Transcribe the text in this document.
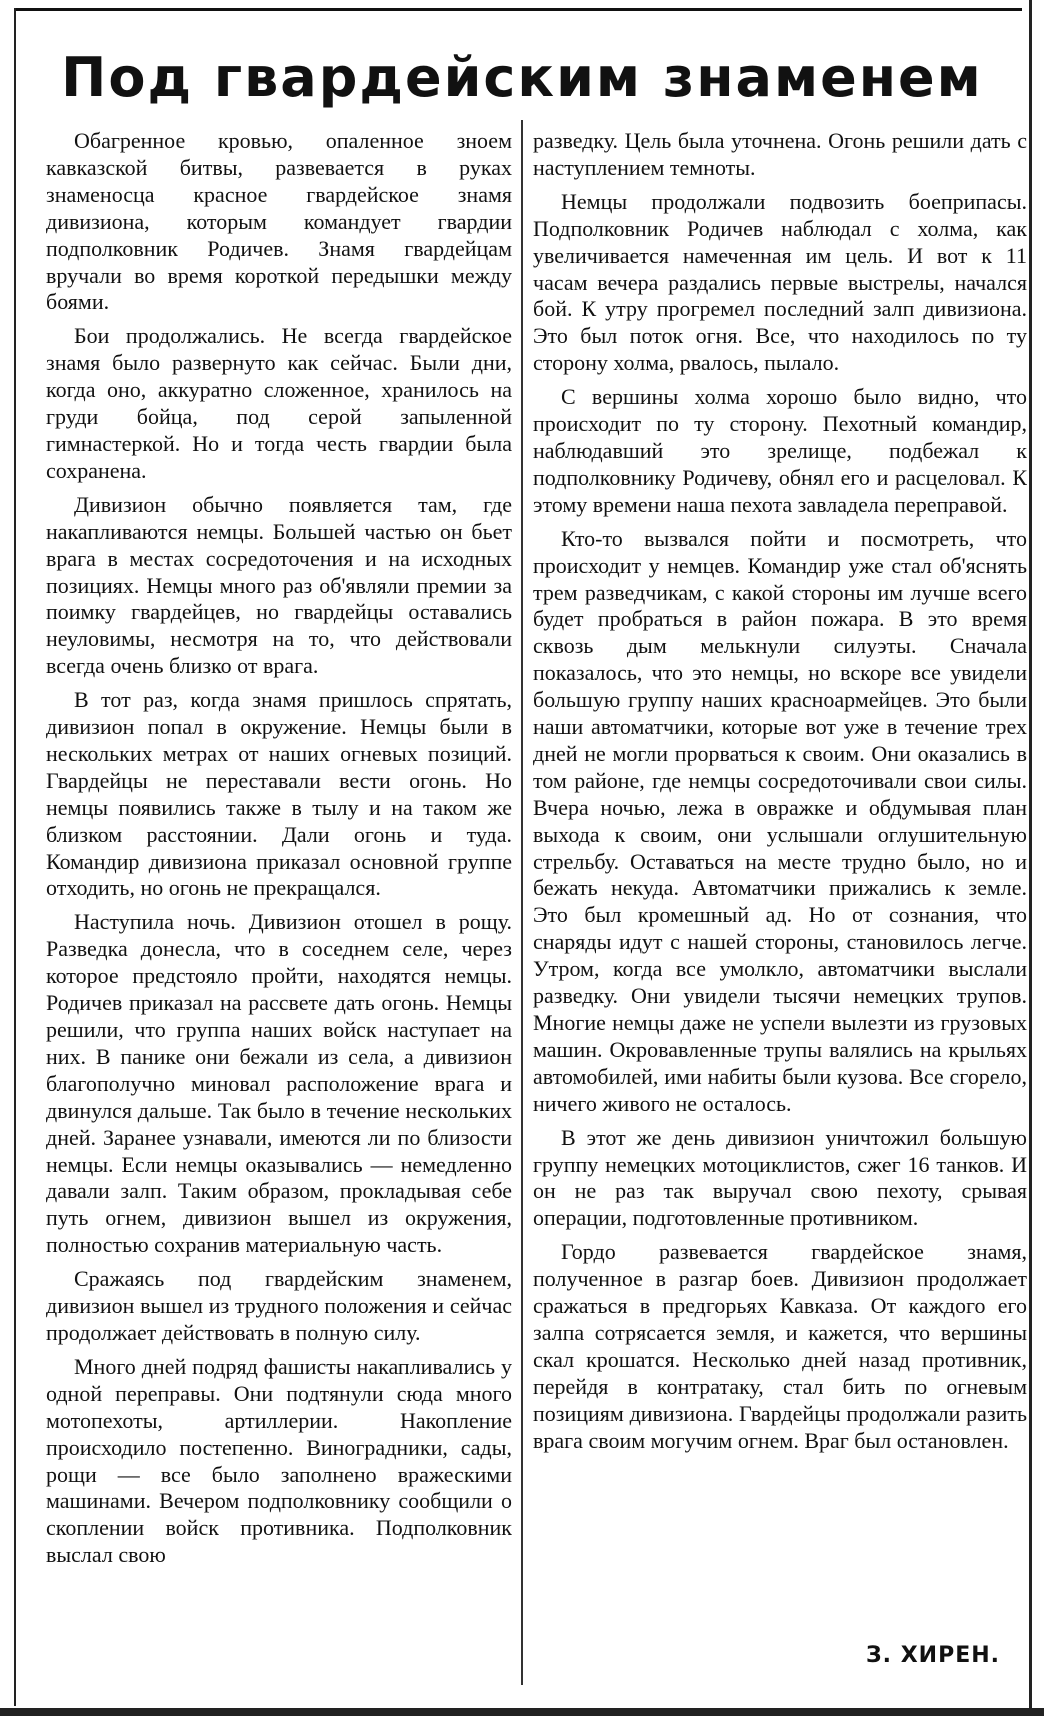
Под гвардейским знаменем

Обагренное кровью, опаленное зноем кавказской битвы, развевается в руках знаменосца красное гвардейское знамя дивизиона, которым командует гвардии подполковник Родичев. Знамя гвардейцам вручали во время короткой передышки между боями.

Бои продолжались. Не всегда гвардейское знамя было развернуто как сейчас. Были дни, когда оно, аккуратно сложенное, хранилось на груди бойца, под серой запыленной гимнастеркой. Но и тогда честь гвардии была сохранена.

Дивизион обычно появляется там, где накапливаются немцы. Большей частью он бьет врага в местах сосредоточения и на исходных позициях. Немцы много раз об'являли премии за поимку гвардейцев, но гвардейцы оставались неуловимы, несмотря на то, что действовали всегда очень близко от врага.

В тот раз, когда знамя пришлось спрятать, дивизион попал в окружение. Немцы были в нескольких метрах от наших огневых позиций. Гвардейцы не переставали вести огонь. Но немцы появились также в тылу и на таком же близком расстоянии. Дали огонь и туда. Командир дивизиона приказал основной группе отходить, но огонь не прекращался.

Наступила ночь. Дивизион отошел в рощу. Разведка донесла, что в соседнем селе, через которое предстояло пройти, находятся немцы. Родичев приказал на рассвете дать огонь. Немцы решили, что группа наших войск наступает на них. В панике они бежали из села, а дивизион благополучно миновал расположение врага и двинулся дальше. Так было в течение нескольких дней. Заранее узнавали, имеются ли по близости немцы. Если немцы оказывались — немедленно давали залп. Таким образом, прокладывая себе путь огнем, дивизион вышел из окружения, полностью сохранив материальную часть.

Сражаясь под гвардейским знаменем, дивизион вышел из трудного положения и сейчас продолжает действовать в полную силу.

Много дней подряд фашисты накапливались у одной переправы. Они подтянули сюда много мотопехоты, артиллерии. Накопление происходило постепенно. Виноградники, сады, рощи — все было заполнено вражескими машинами. Вечером подполковнику сообщили о скоплении войск противника. Подполковник выслал свою

разведку. Цель была уточнена. Огонь решили дать с наступлением темноты.

Немцы продолжали подвозить боеприпасы. Подполковник Родичев наблюдал с холма, как увеличивается намеченная им цель. И вот к 11 часам вечера раздались первые выстрелы, начался бой. К утру прогремел последний залп дивизиона. Это был поток огня. Все, что находилось по ту сторону холма, рвалось, пылало.

С вершины холма хорошо было видно, что происходит по ту сторону. Пехотный командир, наблюдавший это зрелище, подбежал к подполковнику Родичеву, обнял его и расцеловал. К этому времени наша пехота завладела переправой.

Кто-то вызвался пойти и посмотреть, что происходит у немцев. Командир уже стал об'яснять трем разведчикам, с какой стороны им лучше всего будет пробраться в район пожара. В это время сквозь дым мелькнули силуэты. Сначала показалось, что это немцы, но вскоре все увидели большую группу наших красноармейцев. Это были наши автоматчики, которые вот уже в течение трех дней не могли прорваться к своим. Они оказались в том районе, где немцы сосредоточивали свои силы. Вчера ночью, лежа в овражке и обдумывая план выхода к своим, они услышали оглушительную стрельбу. Оставаться на месте трудно было, но и бежать некуда. Автоматчики прижались к земле. Это был кромешный ад. Но от сознания, что снаряды идут с нашей стороны, становилось легче. Утром, когда все умолкло, автоматчики выслали разведку. Они увидели тысячи немецких трупов. Многие немцы даже не успели вылезти из грузовых машин. Окровавленные трупы валялись на крыльях автомобилей, ими набиты были кузова. Все сгорело, ничего живого не осталось.

В этот же день дивизион уничтожил большую группу немецких мотоциклистов, сжег 16 танков. И он не раз так выручал свою пехоту, срывая операции, подготовленные противником.

Гордо развевается гвардейское знамя, полученное в разгар боев. Дивизион продолжает сражаться в предгорьях Кавказа. От каждого его залпа сотрясается земля, и кажется, что вершины скал крошатся. Несколько дней назад противник, перейдя в контратаку, стал бить по огневым позициям дивизиона. Гвардейцы продолжали разить врага своим могучим огнем. Враг был остановлен.

З. ХИРЕН.
